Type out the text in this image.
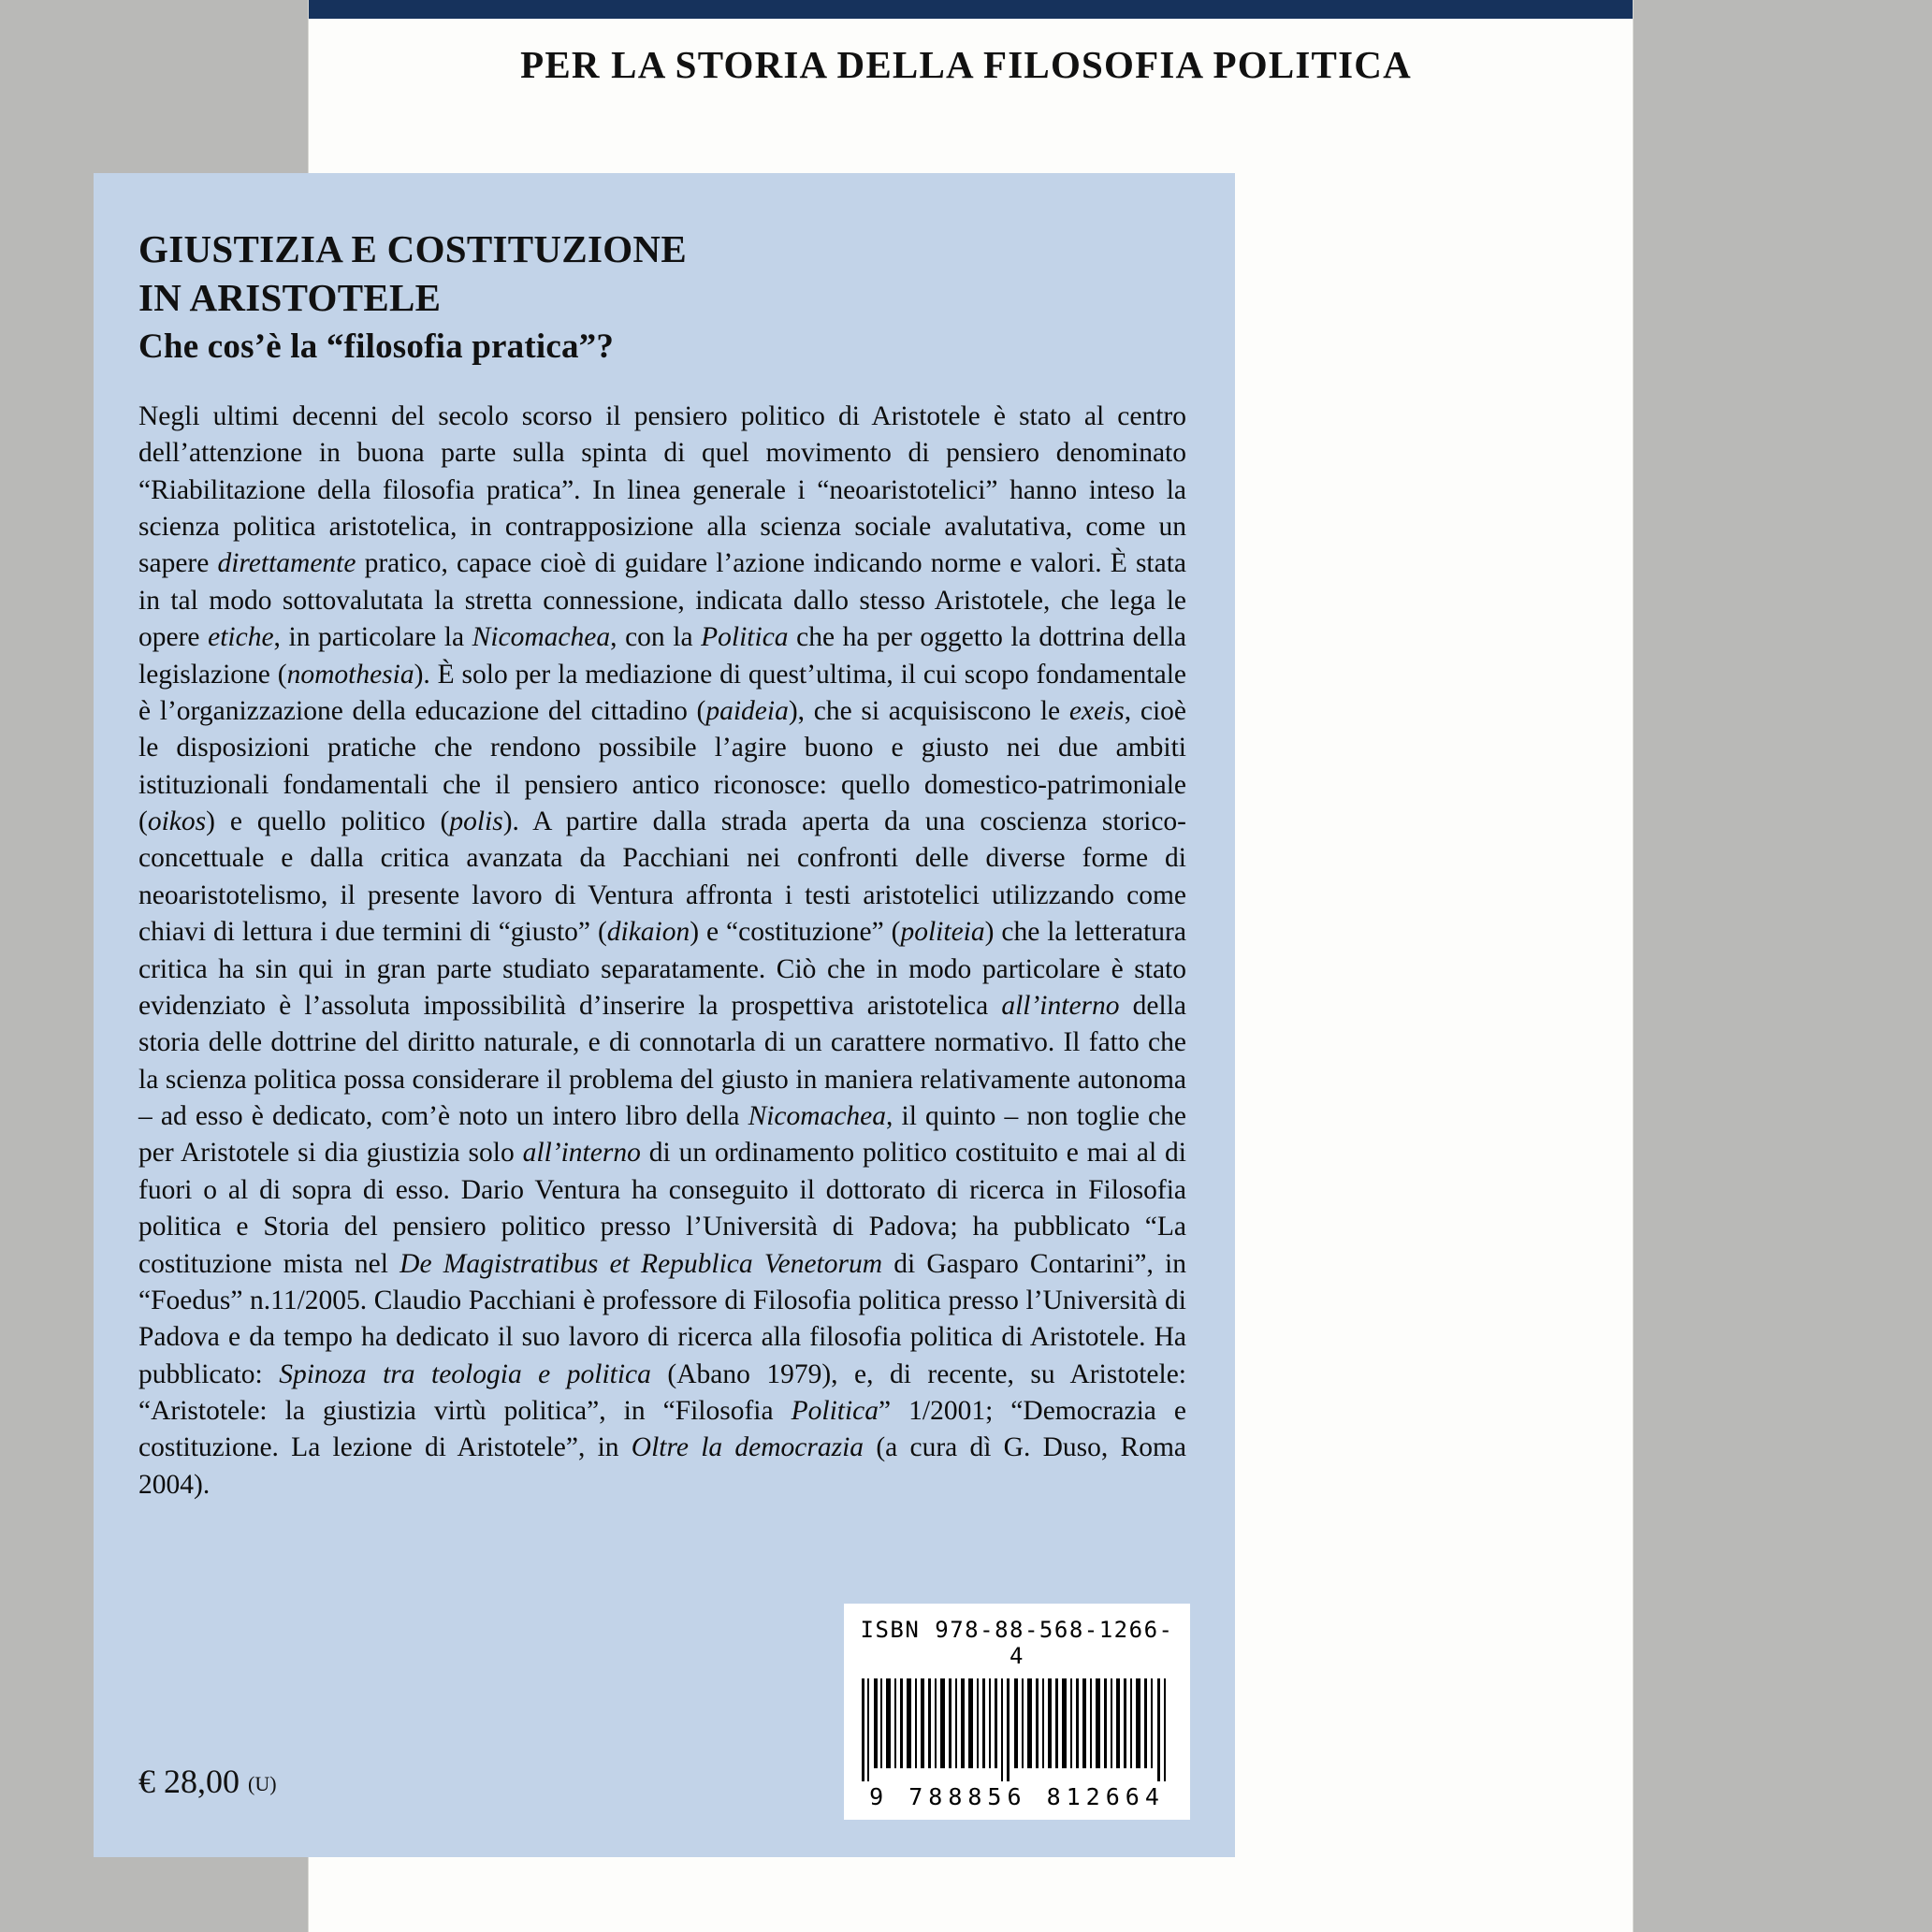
PER LA STORIA DELLA FILOSOFIA POLITICA
GIUSTIZIA E COSTITUZIONE
IN ARISTOTELE
Che cos’è la “filosofia pratica”?
Negli ultimi decenni del secolo scorso il pensiero politico di Aristotele è stato al centro dell’attenzione in buona parte sulla spinta di quel movimento di pensiero denominato “Riabilitazione della filosofia pratica”. In linea generale i “neoaristotelici” hanno inteso la scienza politica aristotelica, in contrapposizione alla scienza sociale avalutativa, come un sapere direttamente pratico, capace cioè di guidare l’azione indicando norme e valori. È stata in tal modo sottovalutata la stretta connessione, indicata dallo stesso Aristotele, che lega le opere etiche, in particolare la Nicomachea, con la Politica che ha per oggetto la dottrina della legislazione (nomothesia). È solo per la mediazione di quest’ultima, il cui scopo fondamentale è l’organizzazione della educazione del cittadino (paideia), che si acquisiscono le exeis, cioè le disposizioni pratiche che rendono possibile l’agire buono e giusto nei due ambiti istituzionali fondamentali che il pensiero antico riconosce: quello domestico-patrimoniale (oikos) e quello politico (polis). A partire dalla strada aperta da una coscienza storico-concettuale e dalla critica avanzata da Pacchiani nei confronti delle diverse forme di neoaristotelismo, il presente lavoro di Ventura affronta i testi aristotelici utilizzando come chiavi di lettura i due termini di “giusto” (dikaion) e “costituzione” (politeia) che la letteratura critica ha sin qui in gran parte studiato separatamente. Ciò che in modo particolare è stato evidenziato è l’assoluta impossibilità d’inserire la prospettiva aristotelica all’interno della storia delle dottrine del diritto naturale, e di connotarla di un carattere normativo. Il fatto che la scienza politica possa considerare il problema del giusto in maniera relativamente autonoma – ad esso è dedicato, com’è noto un intero libro della Nicomachea, il quinto – non toglie che per Aristotele si dia giustizia solo all’interno di un ordinamento politico costituito e mai al di fuori o al di sopra di esso. Dario Ventura ha conseguito il dottorato di ricerca in Filosofia politica e Storia del pensiero politico presso l’Università di Padova; ha pubblicato “La costituzione mista nel De Magistratibus et Republica Venetorum di Gasparo Contarini”, in “Foedus” n.11/2005. Claudio Pacchiani è professore di Filosofia politica presso l’Università di Padova e da tempo ha dedicato il suo lavoro di ricerca alla filosofia politica di Aristotele. Ha pubblicato: Spinoza tra teologia e politica (Abano 1979), e, di recente, su Aristotele: “Aristotele: la giustizia virtù politica”, in “Filosofia Politica” 1/2001; “Democrazia e costituzione. La lezione di Aristotele”, in Oltre la democrazia (a cura dì G. Duso, Roma 2004).
€ 28,00 (U)
ISBN 978-88-568-1266-4
9 788856 812664
